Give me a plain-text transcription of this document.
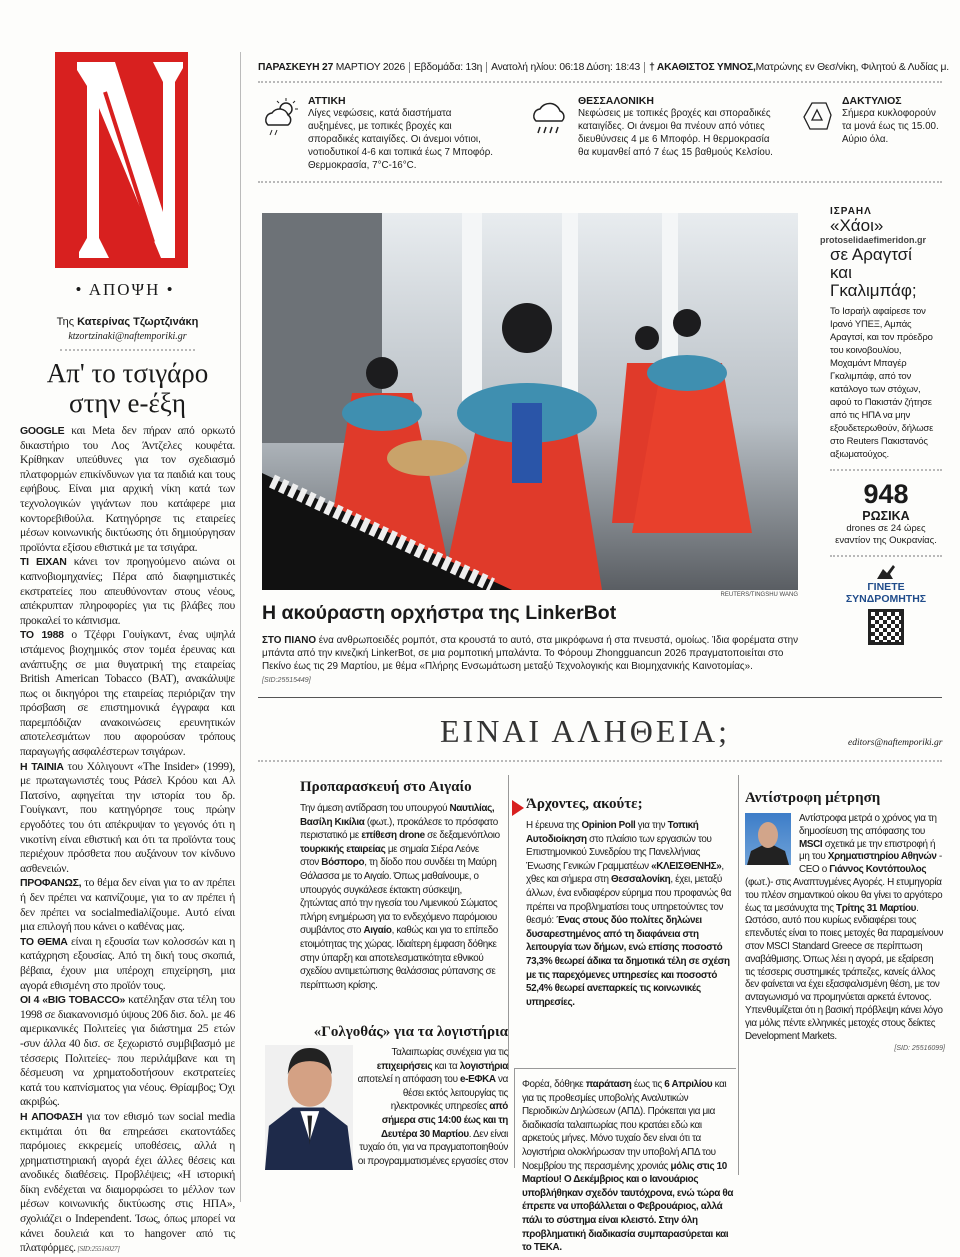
• ΑΠΟΨΗ •
Της Κατερίνας Τζωρτζινάκη
ktzortzinaki@naftemporiki.gr
Απ' το τσιγάρο στην e-έξη

GOOGLE και Meta δεν πήραν από ορκωτό δικαστήριο του Λος Άντζελες κουφέτα. Κρίθηκαν υπεύθυνες για τον σχεδιασμό πλατφορμών επικίνδυνων για τα παιδιά και τους εφήβους. Είναι μια αρχική νίκη κατά των τεχνολογικών γιγάντων που κατάφερε μια κοντορεβιθούλα. Κατηγόρησε τις εταιρείες μέσων κοινωνικής δικτύωσης ότι δημιούργησαν προϊόντα εξίσου εθιστικά με τα τσιγάρα.

ΤΙ ΕΙΧΑΝ κάνει τον προηγούμενο αιώνα οι καπνοβιομηχανίες; Πέρα από διαφημιστικές εκστρατείες που απευθύνονταν στους νέους, απέκρυπταν πληροφορίες για τις βλάβες που προκαλεί το κάπνισμα.

ΤΟ 1988 ο Τζέφρι Γουίγκαντ, ένας υψηλά ιστάμενος βιοχημικός στον τομέα έρευνας και ανάπτυξης σε μια θυγατρική της εταιρείας British American Tobacco (BAT), ανακάλυψε πως οι δικηγόροι της εταιρείας περιόριζαν την πρόσβαση σε επιστημονικά έγγραφα και παρεμπόδιζαν ανακοινώσεις ερευνητικών αποτελεσμάτων που αφορούσαν τρόπους παραγωγής ασφαλέστερων τσιγάρων.

Η ΤΑΙΝΙΑ του Χόλιγουντ «The Insider» (1999), με πρωταγωνιστές τους Ράσελ Κρόου και Αλ Πατσίνο, αφηγείται την ιστορία του δρ. Γουίγκαντ, που κατηγόρησε τους πρώην εργοδότες του ότι απέκρυψαν το γεγονός ότι η νικοτίνη είναι εθιστική και ότι τα προϊόντα τους περιέχουν πρόσθετα που αυξάνουν τον κίνδυνο ασθενειών.

ΠΡΟΦΑΝΩΣ, το θέμα δεν είναι για το αν πρέπει ή δεν πρέπει να καπνίζουμε, για το αν πρέπει ή δεν πρέπει να socialmediaλίζουμε. Αυτό είναι μια επιλογή που κάνει ο καθένας μας.

ΤΟ ΘΕΜΑ είναι η εξουσία των κολοσσών και η κατάχρηση εξουσίας. Από τη δική τους σκοπιά, βέβαια, έχουν μια υπέροχη επιχείρηση, μια αγορά εθισμένη στο προϊόν τους.

ΟΙ 4 «BIG TOBACCO» κατέληξαν στα τέλη του 1998 σε διακανονισμό ύψους 206 δισ. δολ. με 46 αμερικανικές Πολιτείες για διάστημα 25 ετών -συν άλλα 40 δισ. σε ξεχωριστό συμβιβασμό με τέσσερις Πολιτείες- που περιλάμβανε και τη δέσμευση να χρηματοδοτήσουν εκστρατείες κατά του καπνίσματος για νέους. Θρίαμβος; Όχι ακριβώς.

Η ΑΠΟΦΑΣΗ για τον εθισμό των social media εκτιμάται ότι θα επηρεάσει εκατοντάδες παρόμοιες εκκρεμείς υποθέσεις, αλλά η χρηματιστηριακή αγορά έχει άλλες θέσεις και ανοδικές διαθέσεις. Προβλέψεις; «Η ιστορική δίκη ενδέχεται να διαμορφώσει το μέλλον των μέσων κοινωνικής δικτύωσης στις ΗΠΑ», σχολιάζει ο Independent. Ίσως, όπως μπορεί να κάνει δουλειά και το hangover από τις πλατφόρμες. [SID:25516027]

ΠΑΡΑΣΚΕΥΗ 27
ΜΑΡΤΙΟΥ 2026 Εβδομάδα: 13η Ανατολή ηλίου: 06:18 Δύση: 18:43 † ΑΚΑΘΙΣΤΟΣ ΥΜΝΟΣ, Ματρώνης εν Θεσ/νίκη, Φιλητού & Λυδίας μ.
ΑΤΤΙΚΗ

Λίγες νεφώσεις, κατά διαστήματα αυξημένες, με τοπικές βροχές και σποραδικές καταιγίδες. Οι άνεμοι νότιοι, νοτιοδυτικοί 4-6 και τοπικά έως 7 Μποφόρ. Θερμοκρασία, 7°C-16°C.

ΘΕΣΣΑΛΟΝΙΚΗ

Νεφώσεις με τοπικές βροχές και σποραδικές καταιγίδες. Οι άνεμοι θα πνέουν από νότιες διευθύνσεις 4 με 6 Μποφόρ. Η θερμοκρασία θα κυμανθεί από 7 έως 15 βαθμούς Κελσίου.

ΔΑΚΤΥΛΙΟΣ

Σήμερα κυκλοφορούν τα μονά έως τις 15.00. Αύριο όλα.

REUTERS/TINGSHU WANG
Η ακούραστη ορχήστρα της LinkerBot
ΣΤΟ ΠΙΑΝΟ ένα ανθρωποειδές ρομπότ, στα κρουστά το αυτό, στα μικρόφωνα ή στα πνευστά, ομοίως. Ίδια φορέματα στην μπάντα από την κινεζική LinkerBot, σε μια ρομποτική μπαλάντα. Το Φόρουμ Zhongguancun 2026 πραγματοποιείται στο Πεκίνο έως τις 29 Μαρτίου, με θέμα «Πλήρης Ενσωμάτωση μεταξύ Τεχνολογικής και Βιομηχανικής Καινοτομίας». [SID:25515449]
ΙΣΡΑΗΛ
«Χάοι»
protoselidaefimeridon.gr
σε Αραγτσί
και Γκαλιμπάφ;

Το Ισραήλ αφαίρεσε τον Ιρανό ΥΠΕΞ, Αμπάς Αραγτσί, και τον πρόεδρο του κοινοβουλίου, Μοχαμάντ Μπαγέρ Γκαλιμπάφ, από τον κατάλογο των στόχων, αφού το Πακιστάν ζήτησε από τις ΗΠΑ να μην εξουδετερωθούν, δήλωσε στο Reuters Πακιστανός αξιωματούχος.

948
ΡΩΣΙΚΑ
drones σε 24 ώρες εναντίον της Ουκρανίας.
ΓΙΝΕΤΕ
ΣΥΝΔΡΟΜΗΤΗΣ
ΕΙΝΑΙ ΑΛΗΘΕΙΑ;	editors@naftemporiki.gr
Προπαρασκευή στο Αιγαίο

Την άμεση αντίδραση του υπουργού Ναυτιλίας, Βασίλη Κικίλια (φωτ.), προκάλεσε το πρόσφατο περιστατικό με επίθεση drone σε δεξαμενόπλοιο τουρκικής εταιρείας με σημαία Σιέρα Λεόνε στον Βόσπορο, τη δίοδο που συνδέει τη Μαύρη Θάλασσα με το Αιγαίο. Όπως μαθαίνουμε, ο υπουργός συγκάλεσε έκτακτη σύσκεψη, ζητώντας από την ηγεσία του Λιμενικού Σώματος πλήρη ενημέρωση για το ενδεχόμενο παρόμοιου συμβάντος στο Αιγαίο, καθώς και για το επίπεδο ετοιμότητας της χώρας. Ιδιαίτερη έμφαση δόθηκε στην ύπαρξη και αποτελεσματικότητα εθνικού σχεδίου αντιμετώπισης θαλάσσιας ρύπανσης σε περίπτωση κρίσης.

«Γολγοθάς» για τα λογιστήρια

Ταλαιπωρίας συνέχεια για τις επιχειρήσεις και τα λογιστήρια αποτελεί η απόφαση του e-ΕΦΚΑ να θέσει εκτός λειτουργίας τις ηλεκτρονικές υπηρεσίες από σήμερα στις 14:00 έως και τη Δευτέρα 30 Μαρτίου. Δεν είναι τυχαίο ότι, για να πραγματοποιηθούν οι προγραμματισμένες εργασίες στον

Άρχοντες, ακούτε;

Η έρευνα της Opinion Poll για την Τοπική Αυτοδιοίκηση στο πλαίσιο των εργασιών του Επιστημονικού Συνεδρίου της Πανελλήνιας Ένωσης Γενικών Γραμματέων «ΚΛΕΙΣΘΕΝΗΣ», χθες και σήμερα στη Θεσσαλονίκη, έχει, μεταξύ άλλων, ένα ενδιαφέρον εύρημα που προφανώς θα πρέπει να προβληματίσει τους υπηρετούντες τον θεσμό: Ένας στους δύο πολίτες δηλώνει δυσαρεστημένος από τη διαφάνεια στη λειτουργία των δήμων, ενώ επίσης ποσοστό 73,3% θεωρεί άδικα τα δημοτικά τέλη σε σχέση με τις παρεχόμενες υπηρεσίες και ποσοστό 52,4% θεωρεί ανεπαρκείς τις κοινωνικές υπηρεσίες.

Φορέα, δόθηκε παράταση έως τις 6 Απριλίου και για τις προθεσμίες υποβολής Αναλυτικών Περιοδικών Δηλώσεων (ΑΠΔ). Πρόκειται για μια διαδικασία ταλαιπωρίας που κρατάει εδώ και αρκετούς μήνες. Μόνο τυχαίο δεν είναι ότι τα λογιστήρια ολοκλήρωσαν την υποβολή ΑΠΔ του Νοεμβρίου της περασμένης χρονιάς μόλις στις 10 Μαρτίου! Ο Δεκέμβριος και ο Ιανουάριος υποβλήθηκαν σχεδόν ταυτόχρονα, ενώ τώρα θα έπρεπε να υποβάλλεται ο Φεβρουάριος, αλλά πάλι το σύστημα είναι κλειστό. Στην όλη προβληματική διαδικασία συμπαρασύρεται και το ΤΕΚΑ.

Αντίστροφη μέτρηση

Αντίστροφα μετρά ο χρόνος για τη δημοσίευση της απόφασης του MSCI σχετικά με την επιστροφή ή μη του Χρηματιστηρίου Αθηνών -CEO ο Γιάννος Κοντόπουλος (φωτ.)- στις Αναπτυγμένες Αγορές. Η ετυμηγορία του πλέον σημαντικού οίκου θα γίνει το αργότερο έως τα μεσάνυχτα της Τρίτης 31 Μαρτίου. Ωστόσο, αυτό που κυρίως ενδιαφέρει τους επενδυτές είναι το ποιες μετοχές θα παραμείνουν στον MSCI Standard Greece σε περίπτωση αναβάθμισης. Όπως λέει η αγορά, με εξαίρεση τις τέσσερις συστημικές τράπεζες, κανείς άλλος δεν φαίνεται να έχει εξασφαλισμένη θέση, με τον ανταγωνισμό να προμηνύεται αρκετά έντονος. Υπενθυμίζεται ότι η βασική πρόβλεψη κάνει λόγο για μόλις πέντε ελληνικές μετοχές στους δείκτες Development Markets.

[SID: 25516099]
